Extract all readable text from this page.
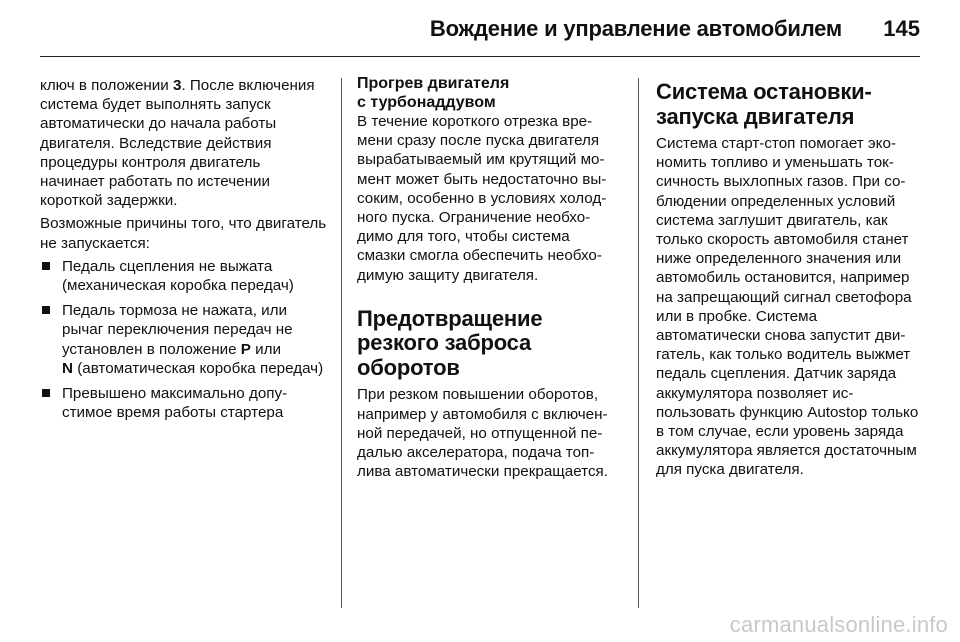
Вождение и управление автомобилем 145

ключ в положении 3. После включения система будет выполнять запуск автоматически до начала работы двигателя. Вследствие действия процедуры контроля двигатель начинает работать по истечении короткой задержки.

Возможные причины того, что двигатель не запускается:

Педаль сцепления не выжата (механическая коробка передач)
Педаль тормоза не нажата, или рычаг переключения передач не установлен в положение P или
N (автоматическая коробка передач)
Превышено максимально допустимое время работы стартера
Прогрев двигателя
с турбонаддувом

В течение короткого отрезка времени сразу после пуска двигателя вырабатываемый им крутящий момент может быть недостаточно высоким, особенно в условиях холодного пуска. Ограничение необходимо для того, чтобы система смазки смогла обеспечить необходимую защиту двигателя.

Предотвращение
резкого заброса
оборотов

При резком повышении оборотов, например у автомобиля с включенной передачей, но отпущенной педалью акселератора, подача топлива автоматически прекращается.

Система остановки-
запуска двигателя

Система старт-стоп помогает экономить топливо и уменьшать токсичность выхлопных газов. При соблюдении определенных условий система заглушит двигатель, как только скорость автомобиля станет ниже определенного значения или автомобиль остановится, например на запрещающий сигнал светофора или в пробке. Система автоматически снова запустит двигатель, как только водитель выжмет педаль сцепления. Датчик заряда аккумулятора позволяет использовать функцию Autostop только в том случае, если уровень заряда аккумулятора является достаточным для пуска двигателя.

carmanualsonline.info
